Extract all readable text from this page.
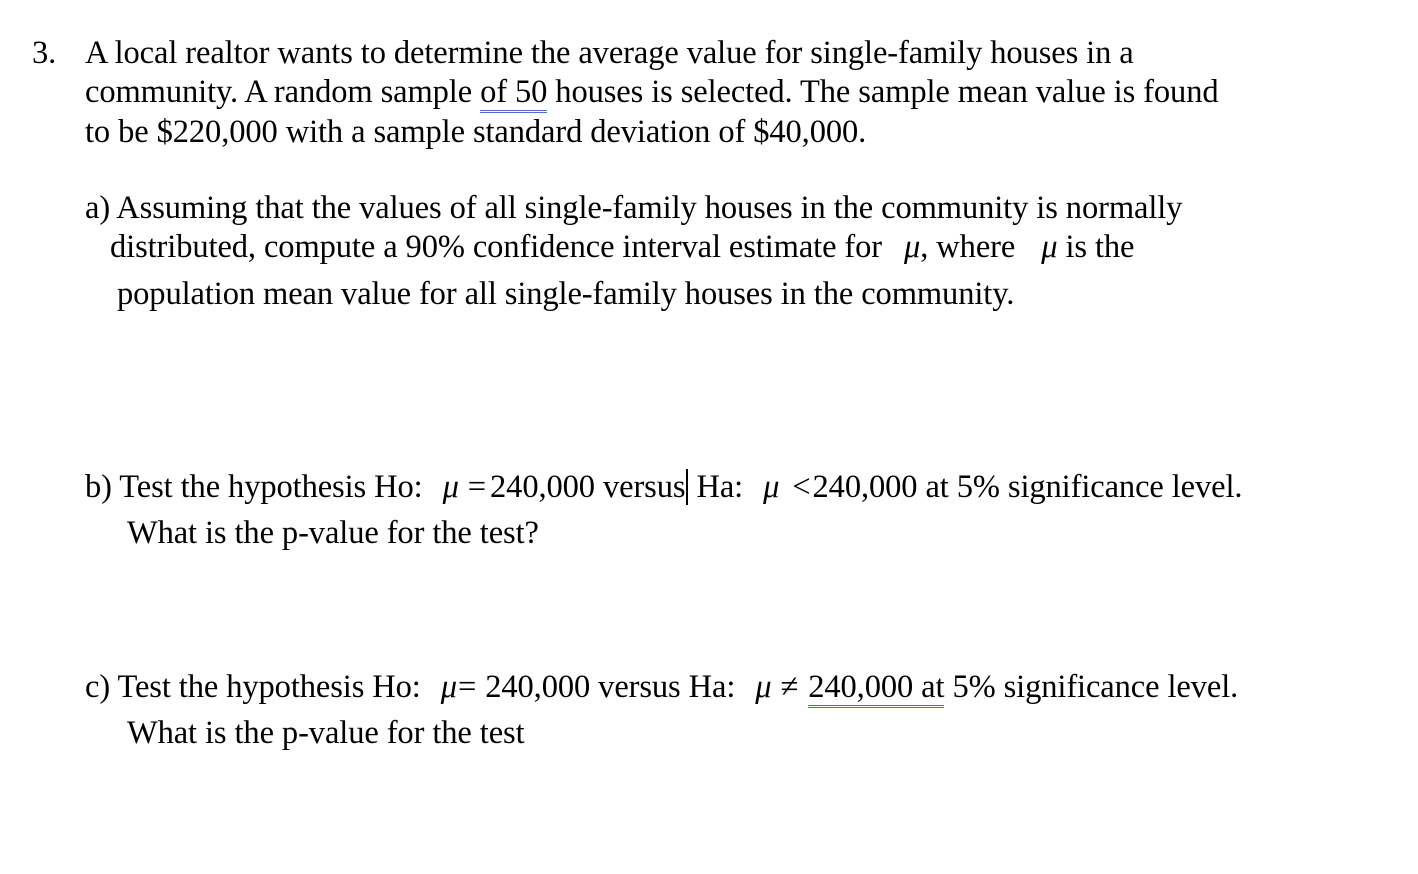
3. A local realtor wants to determine the average value for single-family houses in a
community. A random sample of 50 houses is selected. The sample mean value is found
to be $220,000 with a sample standard deviation of $40,000.
a) Assuming that the values of all single-family houses in the community is normally
distributed, compute a 90% confidence interval estimate for μ, where μ is the
population mean value for all single-family houses in the community.
b) Test the hypothesis Ho: μ = 240,000 versus Ha: μ <240,000 at 5% significance level.
What is the p-value for the test?
c) Test the hypothesis Ho: μ= 240,000 versus Ha: μ ≠ 240,000 at 5% significance level.
What is the p-value for the test
